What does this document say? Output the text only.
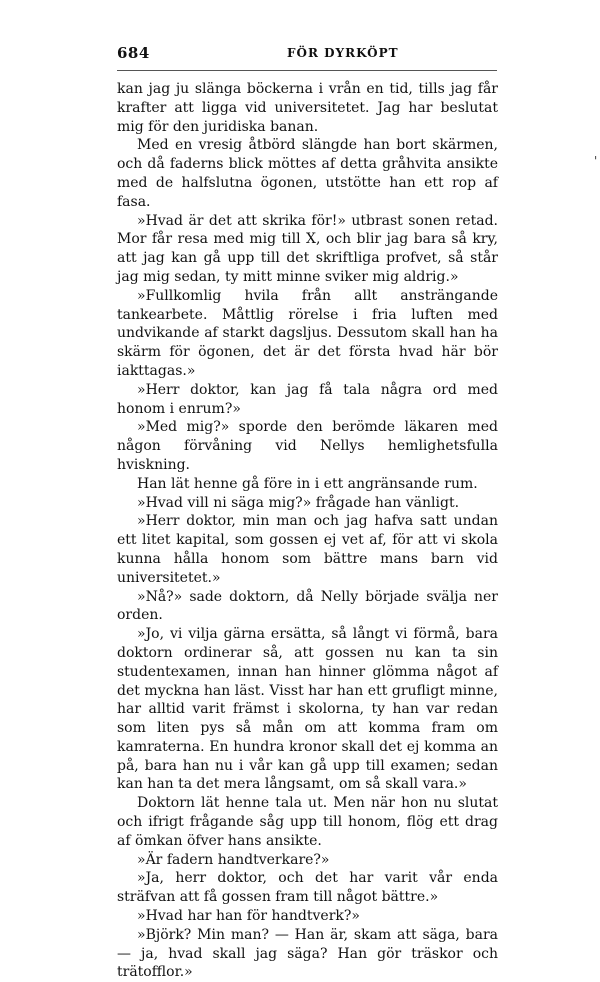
684	FÖR DYRKÖPT
'

kan jag ju slänga böckerna i vrån en tid, tills jag får krafter att ligga vid universitetet. Jag har beslutat mig för den juridiska banan.

Med en vresig åtbörd slängde han bort skärmen, och då faderns blick möttes af detta gråhvita ansikte med de halfslutna ögonen, utstötte han ett rop af fasa.

»Hvad är det att skrika för!» utbrast sonen retad. Mor får resa med mig till X, och blir jag bara så kry, att jag kan gå upp till det skriftliga profvet, så står jag mig sedan, ty mitt minne sviker mig aldrig.»

»Fullkomlig hvila från allt ansträngande tankearbete. Måttlig rörelse i fria luften med undvikande af starkt dagsljus. Dessutom skall han ha skärm för ögonen, det är det första hvad här bör iakttagas.»

»Herr doktor, kan jag få tala några ord med honom i enrum?»

»Med mig?» sporde den berömde läkaren med någon förvåning vid Nellys hemlighetsfulla hviskning.

Han lät henne gå före in i ett angränsande rum.

»Hvad vill ni säga mig?» frågade han vänligt.

»Herr doktor, min man och jag hafva satt undan ett litet kapital, som gossen ej vet af, för att vi skola kunna hålla honom som bättre mans barn vid universitetet.»

»Nå?» sade doktorn, då Nelly började svälja ner orden.

»Jo, vi vilja gärna ersätta, så långt vi förmå, bara doktorn ordinerar så, att gossen nu kan ta sin studentexamen, innan han hinner glömma något af det myckna han läst. Visst har han ett grufligt minne, har alltid varit främst i skolorna, ty han var redan som liten pys så mån om att komma fram om kamraterna. En hundra kronor skall det ej komma an på, bara han nu i vår kan gå upp till examen; sedan kan han ta det mera långsamt, om så skall vara.»

Doktorn lät henne tala ut. Men när hon nu slutat och ifrigt frågande såg upp till honom, flög ett drag af ömkan öfver hans ansikte.

»Är fadern handtverkare?»

»Ja, herr doktor, och det har varit vår enda sträfvan att få gossen fram till något bättre.»

»Hvad har han för handtverk?»

»Björk? Min man? — Han är, skam att säga, bara — ja, hvad skall jag säga? Han gör träskor och trätofflor.»
